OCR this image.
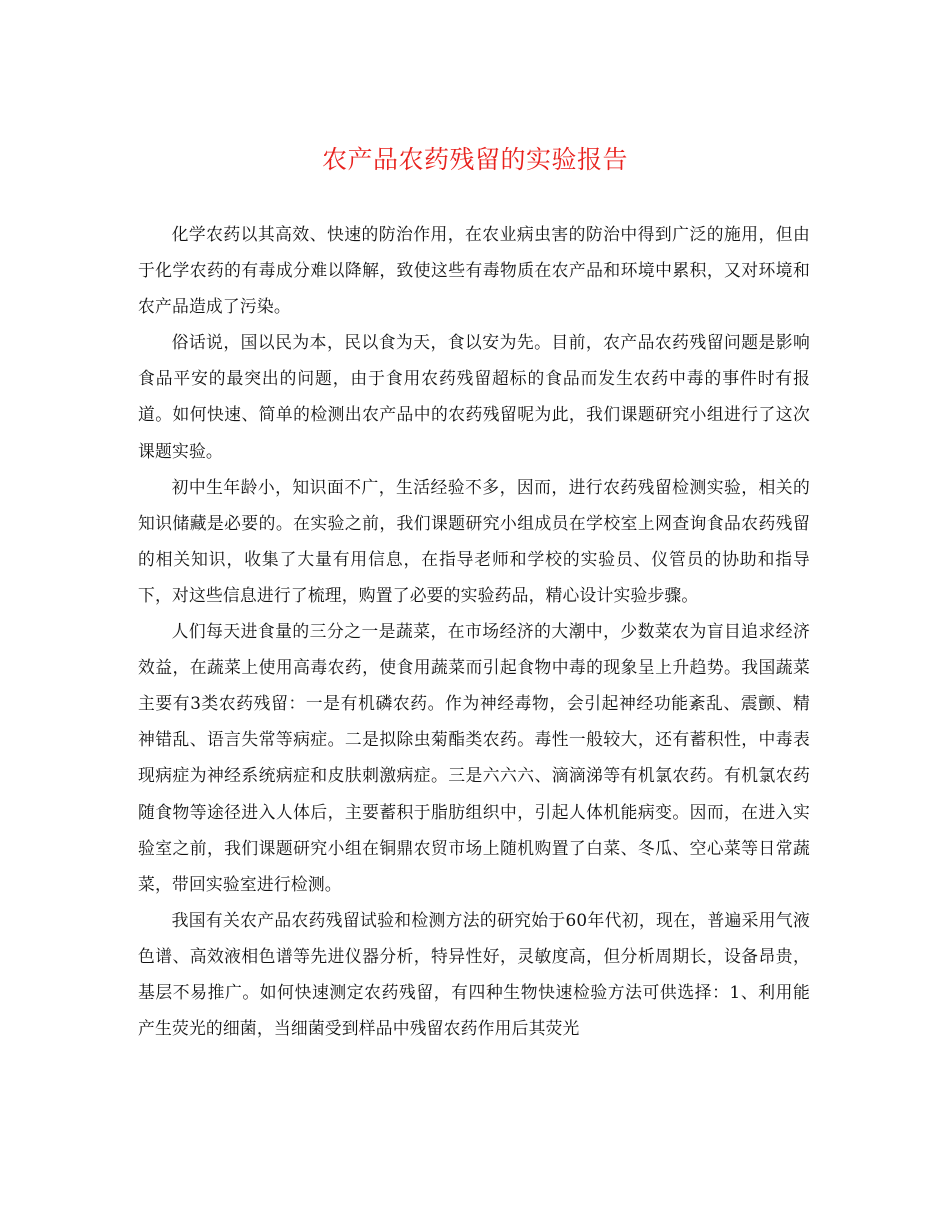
农产品农药残留的实验报告

化学农药以其高效、快速的防治作用，在农业病虫害的防治中得到广泛的施用，但由于化学农药的有毒成分难以降解，致使这些有毒物质在农产品和环境中累积，又对环境和农产品造成了污染。

俗话说，国以民为本，民以食为天，食以安为先。目前，农产品农药残留问题是影响食品平安的最突出的问题，由于食用农药残留超标的食品而发生农药中毒的事件时有报道。如何快速、简单的检测出农产品中的农药残留呢为此，我们课题研究小组进行了这次课题实验。

初中生年龄小，知识面不广，生活经验不多，因而，进行农药残留检测实验，相关的知识储藏是必要的。在实验之前，我们课题研究小组成员在学校室上网查询食品农药残留的相关知识，收集了大量有用信息，在指导老师和学校的实验员、仪管员的协助和指导下，对这些信息进行了梳理，购置了必要的实验药品，精心设计实验步骤。

人们每天进食量的三分之一是蔬菜，在市场经济的大潮中，少数菜农为盲目追求经济效益，在蔬菜上使用高毒农药，使食用蔬菜而引起食物中毒的现象呈上升趋势。我国蔬菜主要有3类农药残留：一是有机磷农药。作为神经毒物，会引起神经功能紊乱、震颤、精神错乱、语言失常等病症。二是拟除虫菊酯类农药。毒性一般较大，还有蓄积性，中毒表现病症为神经系统病症和皮肤刺激病症。三是六六六、滴滴涕等有机氯农药。有机氯农药随食物等途径进入人体后，主要蓄积于脂肪组织中，引起人体机能病变。因而，在进入实验室之前，我们课题研究小组在铜鼎农贸市场上随机购置了白菜、冬瓜、空心菜等日常蔬菜，带回实验室进行检测。

我国有关农产品农药残留试验和检测方法的研究始于60年代初，现在，普遍采用气液色谱、高效液相色谱等先进仪器分析，特异性好，灵敏度高，但分析周期长，设备昂贵，基层不易推广。如何快速测定农药残留，有四种生物快速检验方法可供选择：1、利用能产生荧光的细菌，当细菌受到样品中残留农药作用后其荧光
